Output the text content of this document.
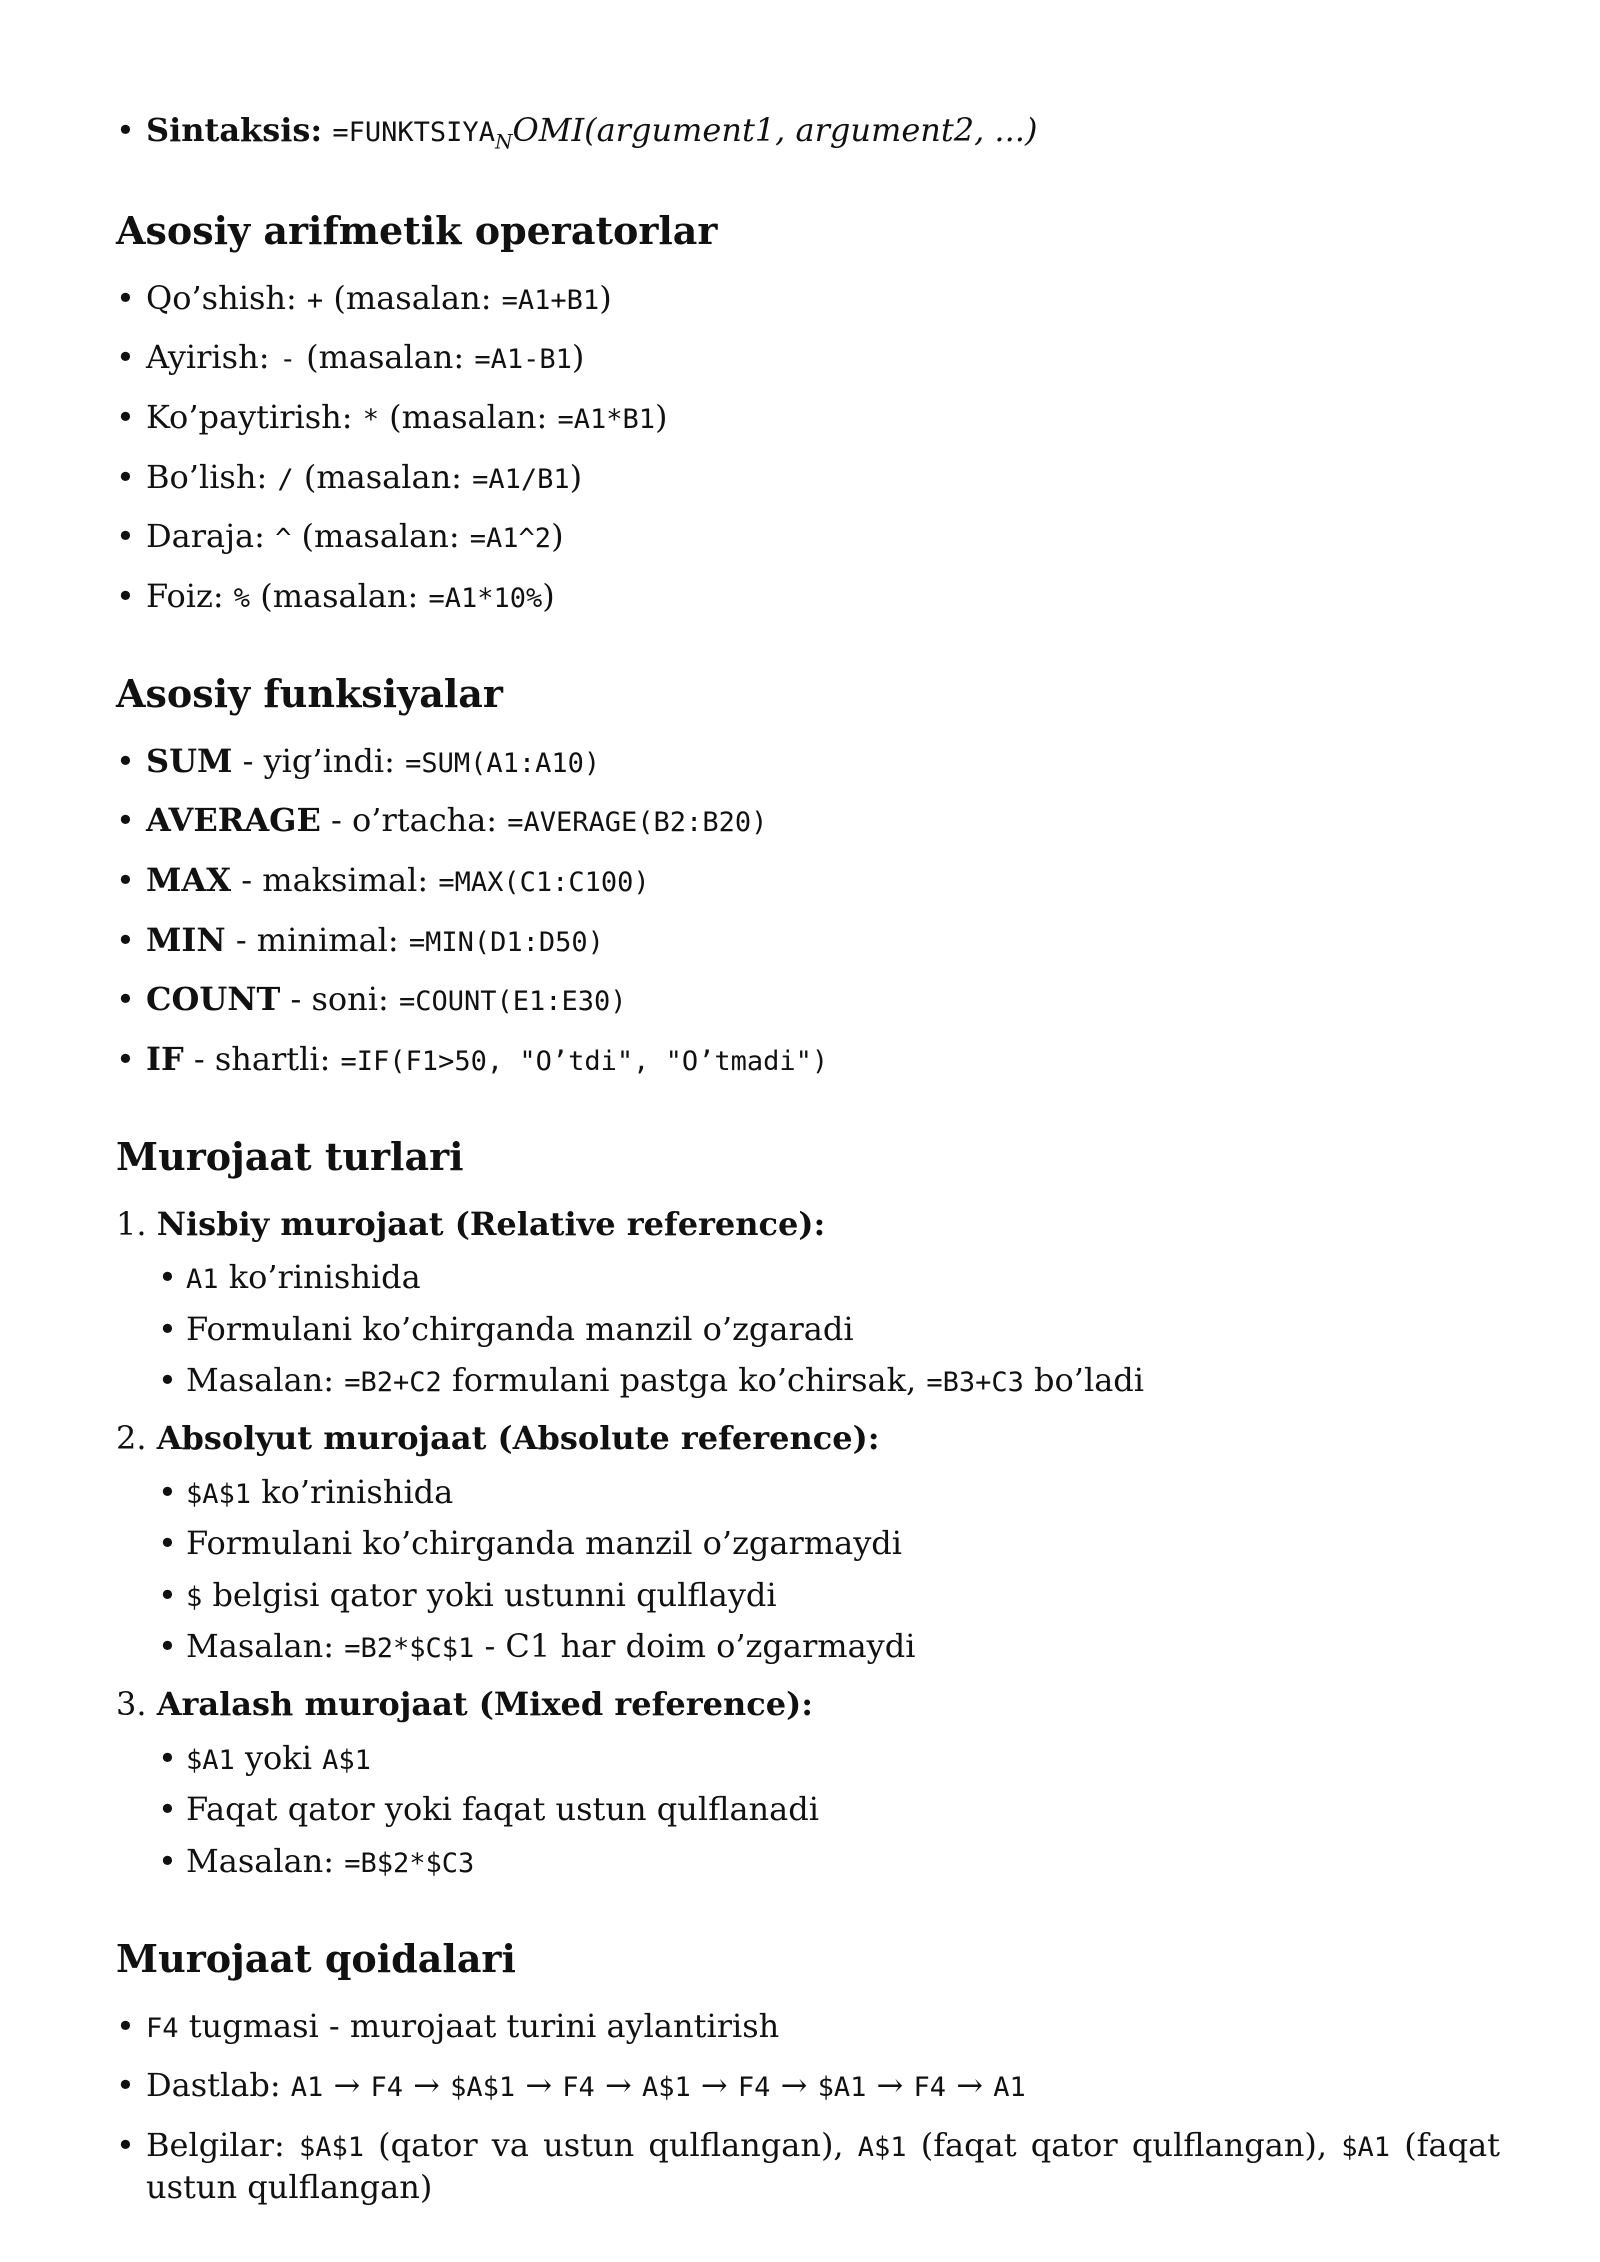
• Sintaksis: $=FUNKTSIYA_NOMI(argument1$, argument2, ...)
Asosiy arifmetik operatorlar
• Qo’shish: + (masalan: =A1+B1)
• Ayirish: - (masalan: =A1-B1)
• Ko’paytirish: * (masalan: =A1*B1)
• Bo’lish: / (masalan: =A1/B1)
• Daraja: ^ (masalan: =A1^2)
• Foiz: % (masalan: =A1*10%)
Asosiy funksiyalar
• SUM - yig’indi: =SUM(A1:A10)
• AVERAGE - o’rtacha: =AVERAGE(B2:B20)
• MAX - maksimal: =MAX(C1:C100)
• MIN - minimal: =MIN(D1:D50)
• COUNT - soni: =COUNT(E1:E30)
• IF - shartli: =IF(F1>50, "O’tdi", "O’tmadi")
Murojaat turlari
1. Nisbiy murojaat (Relative reference):
• A1 ko’rinishida
• Formulani ko’chirganda manzil o’zgaradi
• Masalan: =B2+C2 formulani pastga ko’chirsak, =B3+C3 bo’ladi
2. Absolyut murojaat (Absolute reference):
• $A$1 ko’rinishida
• Formulani ko’chirganda manzil o’zgarmaydi
• $ belgisi qator yoki ustunni qulflaydi
• Masalan: =B2*$C$1 - C1 har doim o’zgarmaydi
3. Aralash murojaat (Mixed reference):
• $A1 yoki A$1
• Faqat qator yoki faqat ustun qulflanadi
• Masalan: =B$2*$C3
Murojaat qoidalari
• F4 tugmasi - murojaat turini aylantirish
• Dastlab: A1 → F4 → $A$1 → F4 → A$1 → F4 → $A1 → F4 → A1
• Belgilar: $A$1 (qator va ustun qulflangan), A$1 (faqat qator qulflangan), $A1 (faqat ustun qulflangan)
